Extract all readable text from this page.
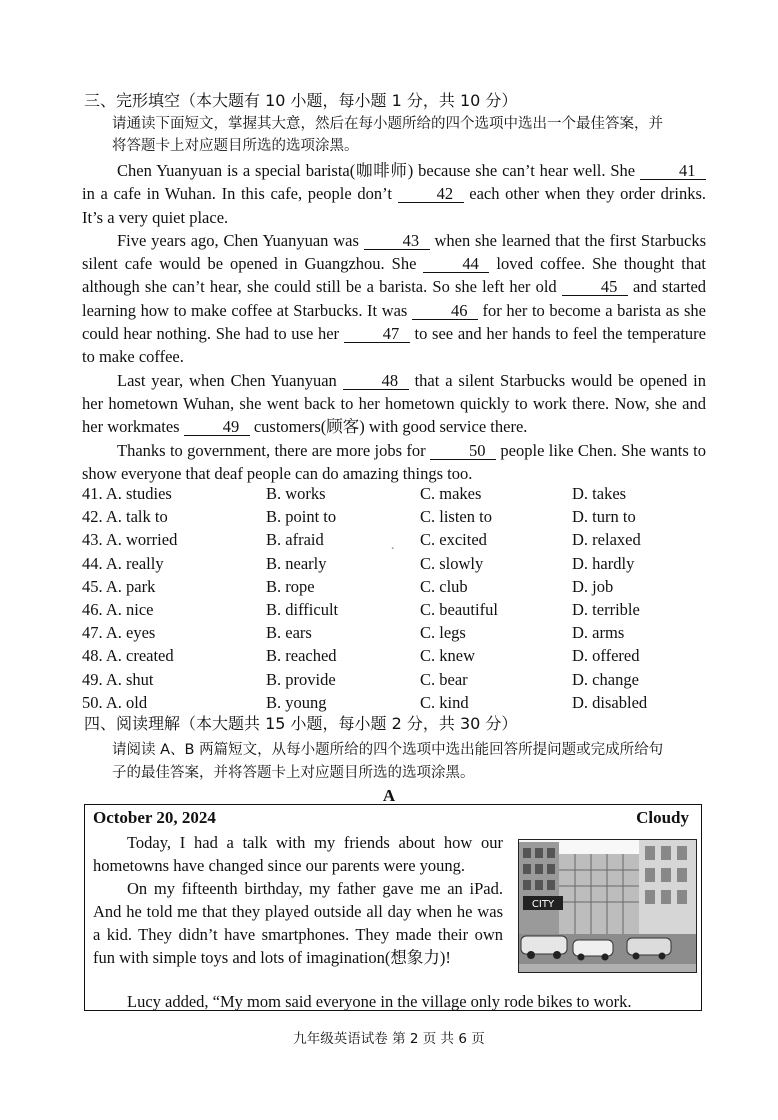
三、完形填空（本大题有 10 小题，每小题 1 分，共 10 分）
请通读下面短文，掌握其大意，然后在每小题所给的四个选项中选出一个最佳答案，并
将答题卡上对应题目所选的选项涂黑。

Chen Yuanyuan is a special barista(咖啡师) because she can’t hear well. She	41 in a cafe in Wuhan. In this cafe, people don’t	42 each other when they order drinks. It’s a very quiet place.

Five years ago, Chen Yuanyuan was	43 when she learned that the first Starbucks silent cafe would be opened in Guangzhou. She	44 loved coffee. She thought that although she can’t hear, she could still be a barista. So she left her old	45 and started learning how to make coffee at Starbucks. It was	46 for her to become a barista as she could hear nothing. She had to use her	47 to see and her hands to feel the temperature to make coffee.

Last year, when Chen Yuanyuan	48 that a silent Starbucks would be opened in her hometown Wuhan, she went back to her hometown quickly to work there. Now, she and her workmates	49 customers(顾客) with good service there.

Thanks to government, there are more jobs for	50 people like Chen. She wants to show everyone that deaf people can do amazing things too.

41. A. studies	B. works	C. makes	D. takes
42. A. talk to	B. point to	C. listen to	D. turn to
43. A. worried	B. afraid	C. excited	D. relaxed
44. A. really	B. nearly	C. slowly	D. hardly
45. A. park	B. rope	C. club	D. job
46. A. nice	B. difficult	C. beautiful	D. terrible
47. A. eyes	B. ears	C. legs	D. arms
48. A. created	B. reached	C. knew	D. offered
49. A. shut	B. provide	C. bear	D. change
50. A. old	B. young	C. kind	D. disabled
ˋ
四、阅读理解（本大题共 15 小题，每小题 2 分，共 30 分）
请阅读 A、B 两篇短文，从每小题所给的四个选项中选出能回答所提问题或完成所给句
子的最佳答案，并将答题卡上对应题目所选的选项涂黑。
A
October 20, 2024	Cloudy

Today, I had a talk with my friends about how our hometowns have changed since our parents were young.

On my fifteenth birthday, my father gave me an iPad. And he told me that they played outside all day when he was a kid. They didn’t have smartphones. They made their own fun with simple toys and lots of imagination(想象力)!

CITY
Lucy added, “My mom said everyone in the village only rode bikes to work.
九年级英语试卷 第 2 页 共 6 页
